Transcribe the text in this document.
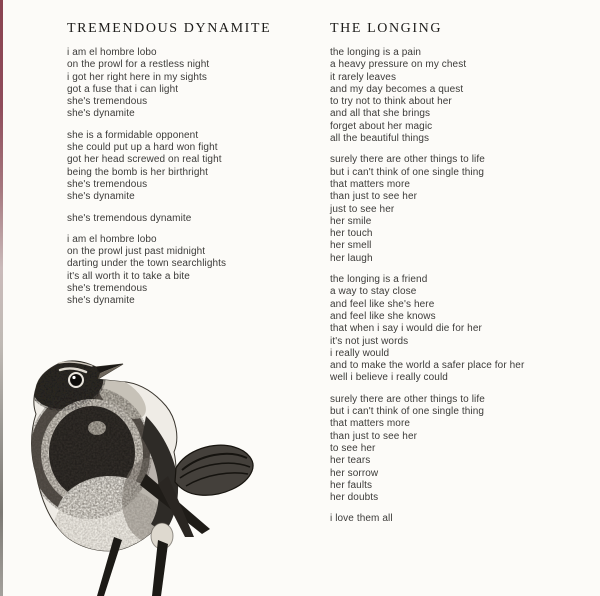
TREMENDOUS DYNAMITE

i am el hombre lobo
on the prowl for a restless night
i got her right here in my sights
got a fuse that i can light
she's tremendous
she's dynamite

she is a formidable opponent
she could put up a hard won fight
got her head screwed on real tight
being the bomb is her birthright
she's tremendous
she's dynamite

she's tremendous dynamite

i am el hombre lobo
on the prowl just past midnight
darting under the town searchlights
it's all worth it to take a bite
she's tremendous
she's dynamite

THE LONGING

the longing is a pain
a heavy pressure on my chest
it rarely leaves
and my day becomes a quest
to try not to think about her
and all that she brings
forget about her magic
all the beautiful things

surely there are other things to life
but i can't think of one single thing
that matters more
than just to see her
just to see her
her smile
her touch
her smell
her laugh

the longing is a friend
a way to stay close
and feel like she's here
and feel like she knows
that when i say i would die for her
it's not just words
i really would
and to make the world a safer place for her
well i believe i really could

surely there are other things to life
but i can't think of one single thing
that matters more
than just to see her
to see her
her tears
her sorrow
her faults
her doubts

i love them all
